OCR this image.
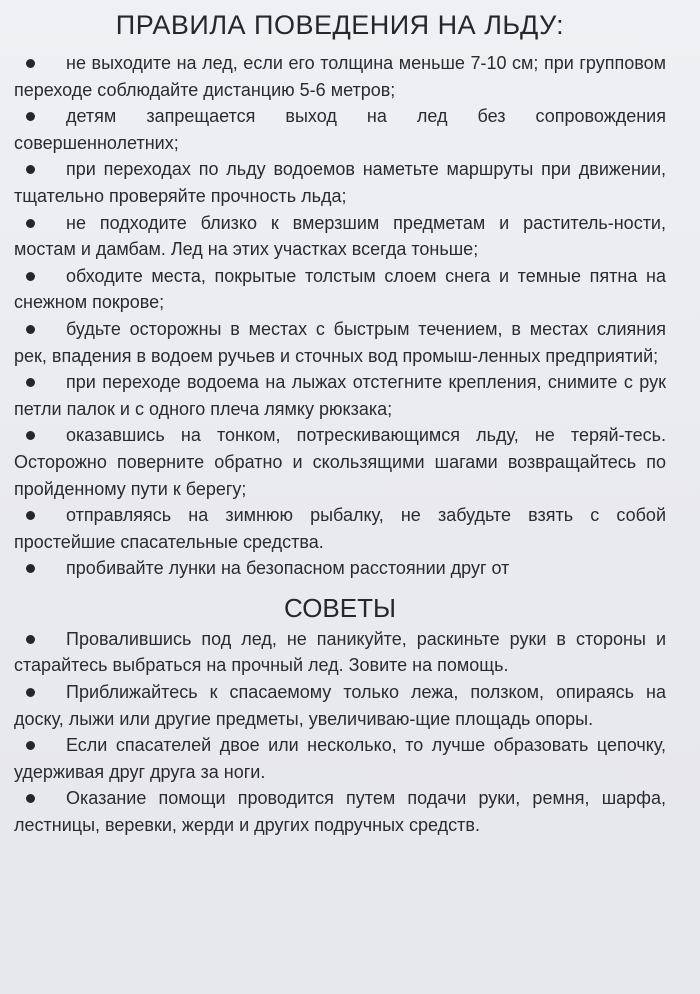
ПРАВИЛА ПОВЕДЕНИЯ НА ЛЬДУ:
не выходите на лед, если его толщина меньше 7-10 см; при групповом переходе соблюдайте дистанцию 5-6 метров;
детям запрещается выход на лед без сопровождения совершеннолетних;
при переходах по льду водоемов наметьте маршруты при движении, тщательно проверяйте прочность льда;
не подходите близко к вмерзшим предметам и раститель-ности, мостам и дамбам. Лед на этих участках всегда тоньше;
обходите места, покрытые толстым слоем снега и темные пятна на снежном покрове;
будьте осторожны в местах с быстрым течением, в местах слияния рек, впадения в водоем ручьев и сточных вод промыш-ленных предприятий;
при переходе водоема на лыжах отстегните крепления, снимите с рук петли палок и с одного плеча лямку рюкзака;
оказавшись на тонком, потрескивающимся льду, не теряй-тесь. Осторожно поверните обратно и скользящими шагами возвращайтесь по пройденному пути к берегу;
отправляясь на зимнюю рыбалку, не забудьте взять с собой простейшие спасательные средства.
пробивайте лунки на безопасном расстоянии друг от
СОВЕТЫ
Провалившись под лед, не паникуйте, раскиньте руки в стороны и старайтесь выбраться на прочный лед. Зовите на помощь.
Приближайтесь к спасаемому только лежа, ползком, опираясь на доску, лыжи или другие предметы, увеличиваю-щие площадь опоры.
Если спасателей двое или несколько, то лучше образовать цепочку, удерживая друг друга за ноги.
Оказание помощи проводится путем подачи руки, ремня, шарфа, лестницы, веревки, жерди и других подручных средств.
